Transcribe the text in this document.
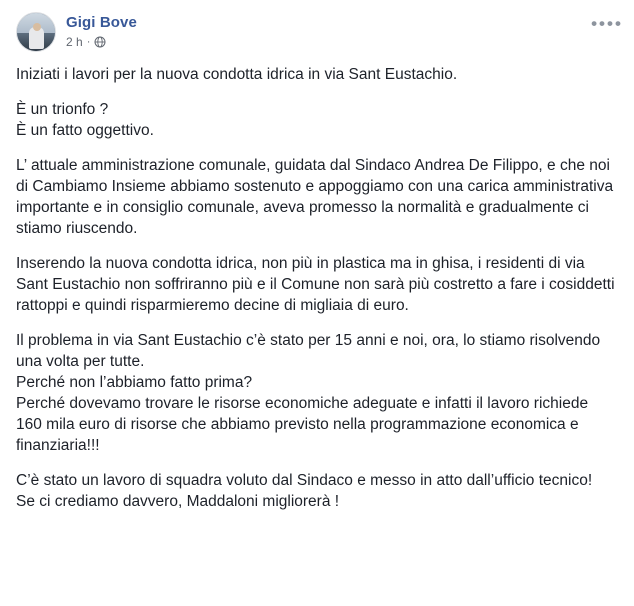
Gigi Bove
2 h ·
••••

Iniziati i lavori per la nuova condotta idrica in via Sant Eustachio.

È un trionfo ?

È un fatto oggettivo.

L’ attuale amministrazione comunale, guidata dal Sindaco Andrea De Filippo, e che noi di Cambiamo Insieme abbiamo sostenuto e appoggiamo con una carica amministrativa importante e in consiglio comunale, aveva promesso la normalità e gradualmente ci stiamo riuscendo.

Inserendo la nuova condotta idrica, non più in plastica ma in ghisa, i residenti di via Sant Eustachio non soffriranno più e il Comune non sarà più costretto a fare i cosiddetti rattoppi e quindi risparmieremo decine di migliaia di euro.

Il problema in via Sant Eustachio c’è stato per 15 anni e noi, ora, lo stiamo risolvendo una volta per tutte.

Perché non l’abbiamo fatto prima?

Perché dovevamo trovare le risorse economiche adeguate e infatti il lavoro richiede 160 mila euro di risorse che abbiamo previsto nella programmazione economica e finanziaria!!!

C’è stato un lavoro di squadra voluto dal Sindaco e messo in atto dall’ufficio tecnico!

Se ci crediamo davvero, Maddaloni migliorerà !
